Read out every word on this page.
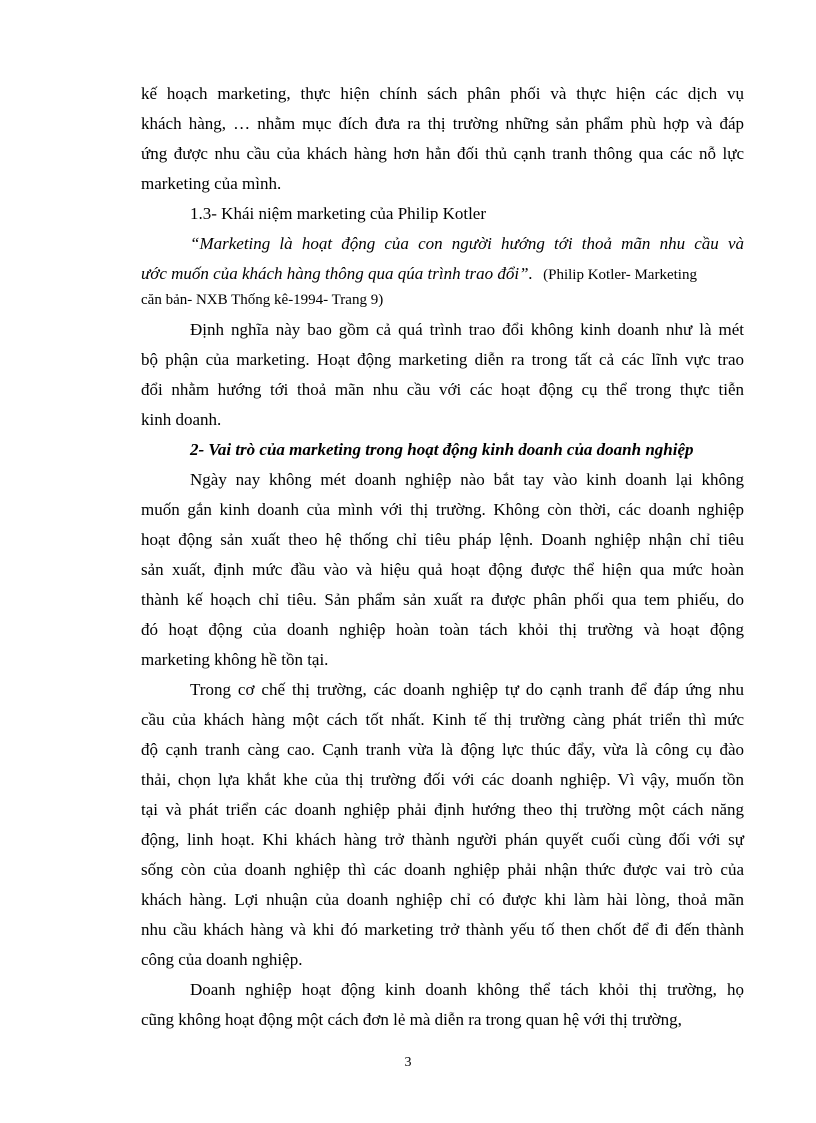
kế hoạch marketing, thực hiện chính sách phân phối và thực hiện các dịch vụ
khách hàng, … nhằm mục đích đưa ra thị trường những sản phẩm phù hợp và đáp
ứng được nhu cầu của khách hàng hơn hẳn đối thủ cạnh tranh thông qua các nỗ lực
marketing của mình.
1.3- Khái niệm marketing của Philip Kotler
“Marketing là hoạt động của con người hướng tới thoả mãn nhu cầu và
ước muốn của khách hàng thông qua qúa trình trao đổi”. (Philip Kotler- Marketing
căn bản- NXB Thống kê-1994- Trang 9)
Định nghĩa này bao gồm cả quá trình trao đổi không kinh doanh như là mét
bộ phận của marketing. Hoạt động marketing diễn ra trong tất cả các lĩnh vực trao
đổi nhằm hướng tới thoả mãn nhu cầu với các hoạt động cụ thể trong thực tiễn
kinh doanh.
2- Vai trò của marketing trong hoạt động kinh doanh của doanh nghiệp
Ngày nay không mét doanh nghiệp nào bắt tay vào kinh doanh lại không
muốn gắn kinh doanh của mình với thị trường. Không còn thời, các doanh nghiệp
hoạt động sản xuất theo hệ thống chỉ tiêu pháp lệnh. Doanh nghiệp nhận chỉ tiêu
sản xuất, định mức đầu vào và hiệu quả hoạt động được thể hiện qua mức hoàn
thành kế hoạch chỉ tiêu. Sản phẩm sản xuất ra được phân phối qua tem phiếu, do
đó hoạt động của doanh nghiệp hoàn toàn tách khỏi thị trường và hoạt động
marketing không hề tồn tại.
Trong cơ chế thị trường, các doanh nghiệp tự do cạnh tranh để đáp ứng nhu
cầu của khách hàng một cách tốt nhất. Kinh tế thị trường càng phát triển thì mức
độ cạnh tranh càng cao. Cạnh tranh vừa là động lực thúc đẩy, vừa là công cụ đào
thải, chọn lựa khắt khe của thị trường đối với các doanh nghiệp. Vì vậy, muốn tồn
tại và phát triển các doanh nghiệp phải định hướng theo thị trường một cách năng
động, linh hoạt. Khi khách hàng trở thành người phán quyết cuối cùng đối với sự
sống còn của doanh nghiệp thì các doanh nghiệp phải nhận thức được vai trò của
khách hàng. Lợi nhuận của doanh nghiệp chỉ có được khi làm hài lòng, thoả mãn
nhu cầu khách hàng và khi đó marketing trở thành yếu tố then chốt để đi đến thành
công của doanh nghiệp.
Doanh nghiệp hoạt động kinh doanh không thể tách khỏi thị trường, họ
cũng không hoạt động một cách đơn lẻ mà diễn ra trong quan hệ với thị trường,
3
